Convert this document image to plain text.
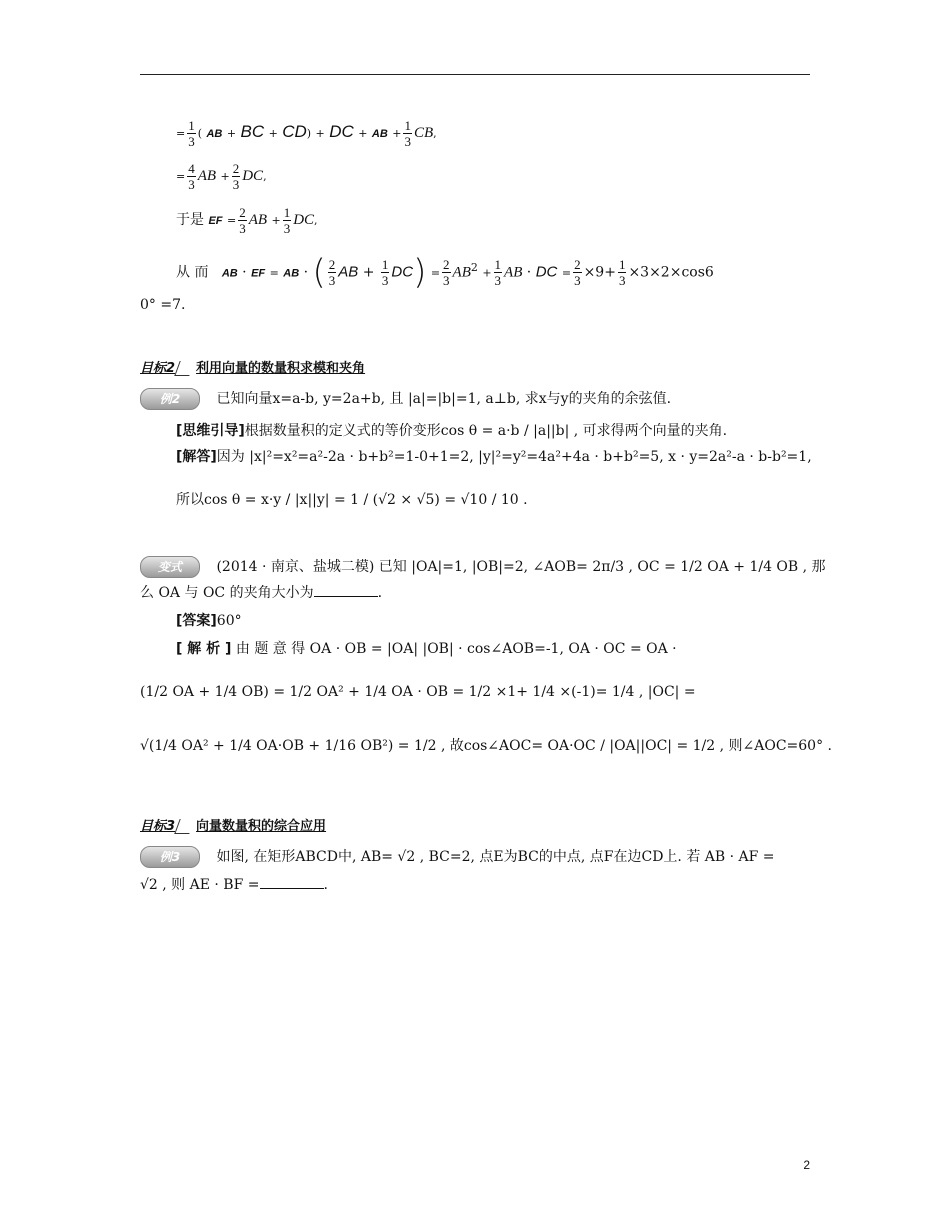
= $\frac{1}{3}$ ( AB + BC + CD) + DC + AB + $\frac{1}{3}$ CB,
= $\frac{4}{3}$ AB + $\frac{2}{3}$ DC,
于是 EF = $\frac{2}{3}$ AB + $\frac{1}{3}$ DC,
从 而 AB · EF = AB · ( $\frac{2}{3}$ AB + $\frac{1}{3} DC) = \frac{2}{3} AB^2 + \frac{1}{3}$ AB · DC = $\frac{2}{3} \times 9+ \frac{1}{3} \times 3\times 2\times\cos 6$
0° =7.
目标2 利用向量的数量积求模和夹角
例2	已知向量x=a-b, y=2a+b, 且 |a|=|b|=1, a⊥b, 求x与y的夹角的余弦值.
[思维引导]根据数量积的定义式的等价变形cos θ = a·b / |a||b| , 可求得两个向量的夹角.
[解答]因为 |x|²=x²=a²-2a · b+b²=1-0+1=2, |y|²=y²=4a²+4a · b+b²=5, x · y=2a²-a · b-b²=1,
所以cos θ = x·y / |x||y| = 1 / (√2 × √5) = √10 / 10 .
变式 (2014 · 南京、盐城二模) 已知 |OA|=1, |OB|=2, ∠AOB= 2π/3 , OC = 1/2 OA + 1/4 OB , 那
么 OA 与 OC 的夹角大小为	.
[答案]60°
[ 解 析 ] 由 题 意 得 OA · OB = |OA| |OB| · cos∠AOB=-1, OA · OC = OA ·
(1/2 OA + 1/4 OB) = 1/2 OA² + 1/4 OA · OB = 1/2 ×1+ 1/4 ×(-1)= 1/4 , |OC| =
√(1/4 OA² + 1/4 OA·OB + 1/16 OB²) = 1/2 , 故cos∠AOC= OA·OC / |OA||OC| = 1/2 , 则∠AOC=60° .
目标3 向量数量积的综合应用
例3	如图, 在矩形ABCD中, AB= √2 , BC=2, 点E为BC的中点, 点F在边CD上. 若 AB · AF =
√2 , 则 AE · BF =	.
2
